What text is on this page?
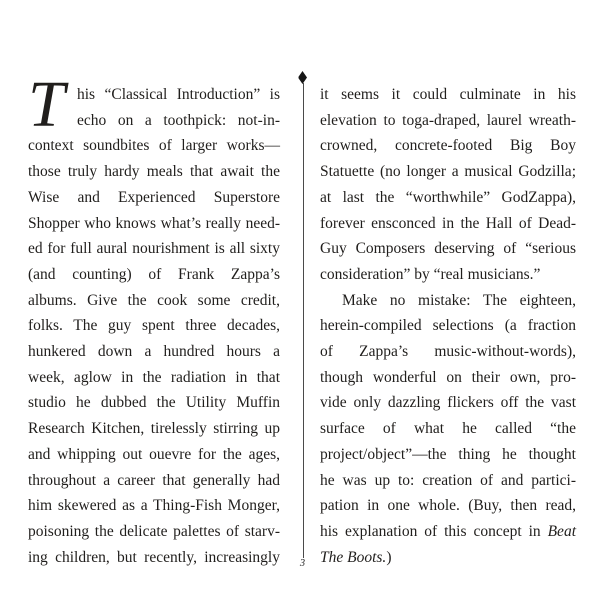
T his “Classical Introduction” is
echo on a toothpick: not-in-
context soundbites of larger works—
those truly hardy meals that await the
Wise and Experienced Superstore
Shopper who knows what’s really need-
ed for full aural nourishment is all sixty
(and counting) of Frank Zappa’s
albums. Give the cook some credit,
folks. The guy spent three decades,
hunkered down a hundred hours a
week, aglow in the radiation in that
studio he dubbed the Utility Muffin
Research Kitchen, tirelessly stirring up
and whipping out ouevre for the ages,
throughout a career that generally had
him skewered as a Thing-Fish Monger,
poisoning the delicate palettes of starv-
ing children, but recently, increasingly
it seems it could culminate in his
elevation to toga-draped, laurel wreath-
crowned, concrete-footed Big Boy
Statuette (no longer a musical Godzilla;
at last the “worthwhile” GodZappa),
forever ensconced in the Hall of Dead-
Guy Composers deserving of “serious
consideration” by “real musicians.”
Make no mistake: The eighteen,
herein-compiled selections (a fraction
of Zappa’s music-without-words),
though wonderful on their own, pro-
vide only dazzling flickers off the vast
surface of what he called “the
project/object”—the thing he thought
he was up to: creation of and partici-
pation in one whole. (Buy, then read,
his explanation of this concept in Beat
The Boots.)
3
